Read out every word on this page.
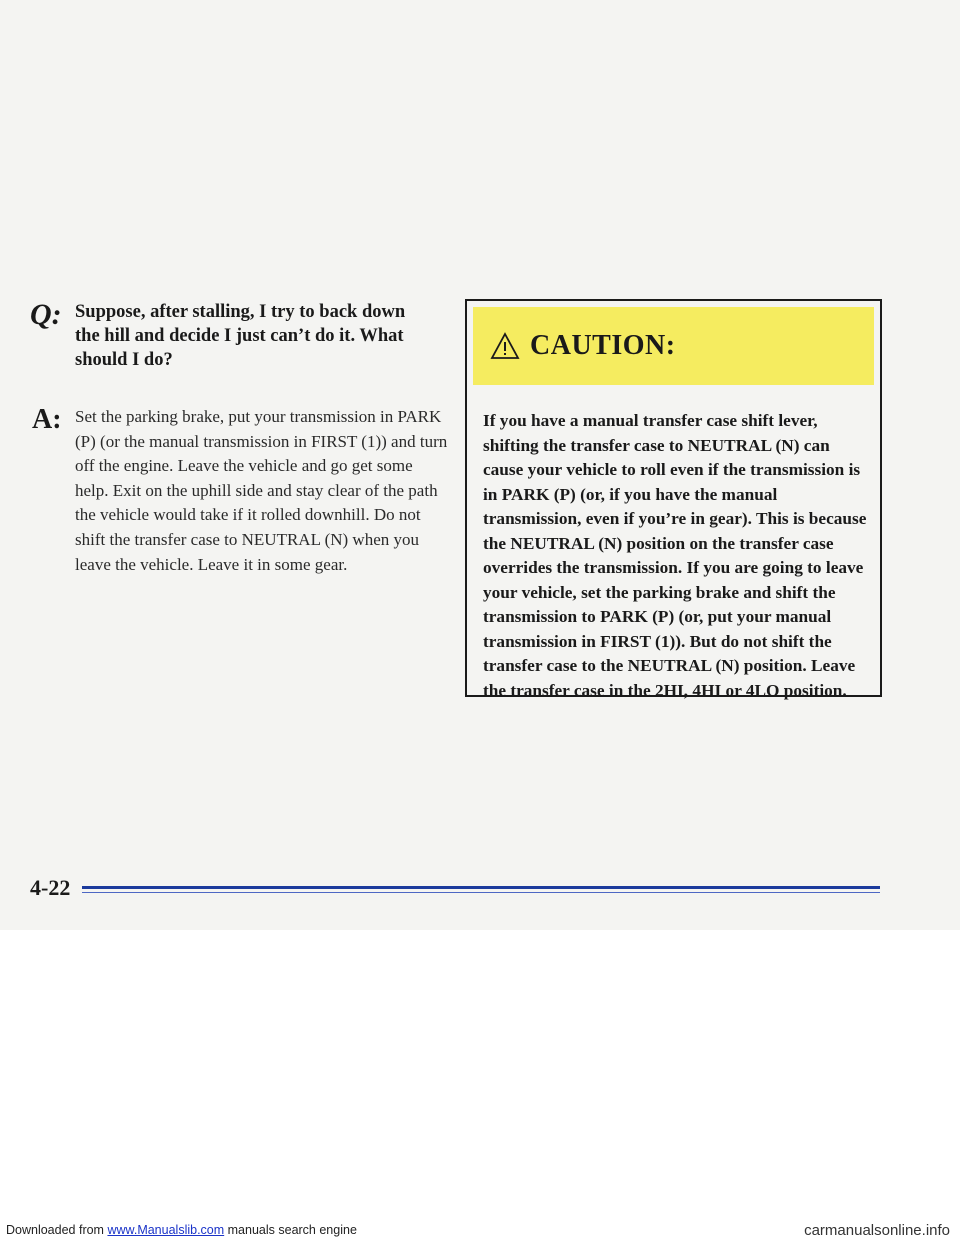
Q: Suppose, after stalling, I try to back down the hill and decide I just can’t do it. What should I do?
A: Set the parking brake, put your transmission in PARK (P) (or the manual transmission in FIRST (1)) and turn off the engine. Leave the vehicle and go get some help. Exit on the uphill side and stay clear of the path the vehicle would take if it rolled downhill. Do not shift the transfer case to NEUTRAL (N) when you leave the vehicle. Leave it in some gear.
CAUTION:
If you have a manual transfer case shift lever, shifting the transfer case to NEUTRAL (N) can cause your vehicle to roll even if the transmission is in PARK (P) (or, if you have the manual transmission, even if you’re in gear). This is because the NEUTRAL (N) position on the transfer case overrides the transmission. If you are going to leave your vehicle, set the parking brake and shift the transmission to PARK (P) (or, put your manual transmission in FIRST (1)). But do not shift the transfer case to the NEUTRAL (N) position. Leave the transfer case in the 2HI, 4HI or 4LO position.
4-22
Downloaded from www.Manualslib.com manuals search engine	carmanualsonline.info
